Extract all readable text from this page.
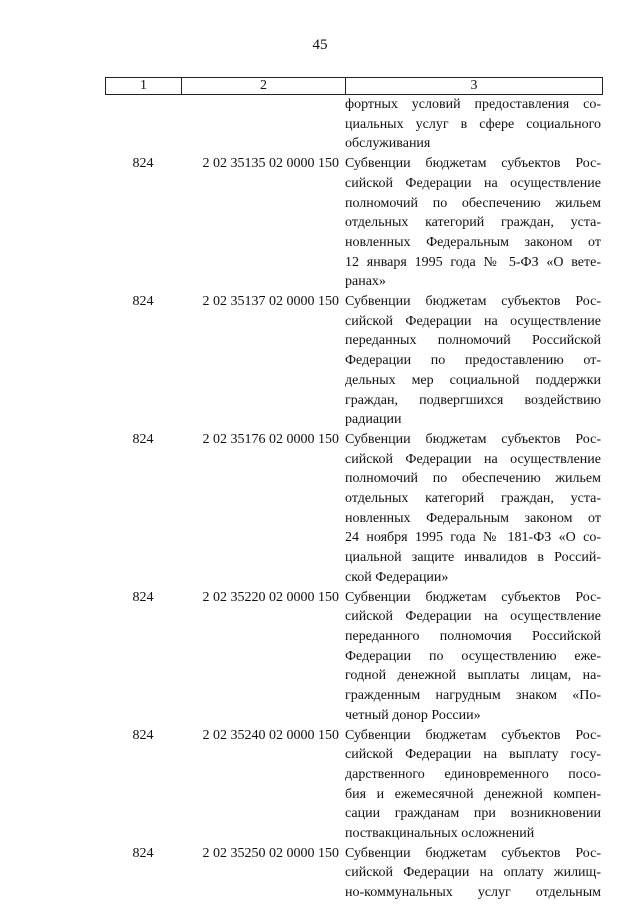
45
1	2	3
фортных условий предоставления со-
циальных услуг в сфере социального
обслуживания
824	2 02 35135 02 0000 150 Субвенции бюджетам субъектов Рос-
сийской Федерации на осуществление
полномочий по обеспечению жильем
отдельных категорий граждан, уста-
новленных Федеральным законом от
12 января 1995 года № 5-ФЗ «О вете-
ранах»
824	2 02 35137 02 0000 150 Субвенции бюджетам субъектов Рос-
сийской Федерации на осуществление
переданных полномочий Российской
Федерации по предоставлению от-
дельных мер социальной поддержки
граждан, подвергшихся воздействию
радиации
824	2 02 35176 02 0000 150 Субвенции бюджетам субъектов Рос-
сийской Федерации на осуществление
полномочий по обеспечению жильем
отдельных категорий граждан, уста-
новленных Федеральным законом от
24 ноября 1995 года № 181-ФЗ «О со-
циальной защите инвалидов в Россий-
ской Федерации»
824	2 02 35220 02 0000 150 Субвенции бюджетам субъектов Рос-
сийской Федерации на осуществление
переданного полномочия Российской
Федерации по осуществлению еже-
годной денежной выплаты лицам, на-
гражденным нагрудным знаком «По-
четный донор России»
824	2 02 35240 02 0000 150 Субвенции бюджетам субъектов Рос-
сийской Федерации на выплату госу-
дарственного единовременного посо-
бия и ежемесячной денежной компен-
сации гражданам при возникновении
поствакцинальных осложнений
824	2 02 35250 02 0000 150 Субвенции бюджетам субъектов Рос-
сийской Федерации на оплату жилищ-
но-коммунальных услуг отдельным
